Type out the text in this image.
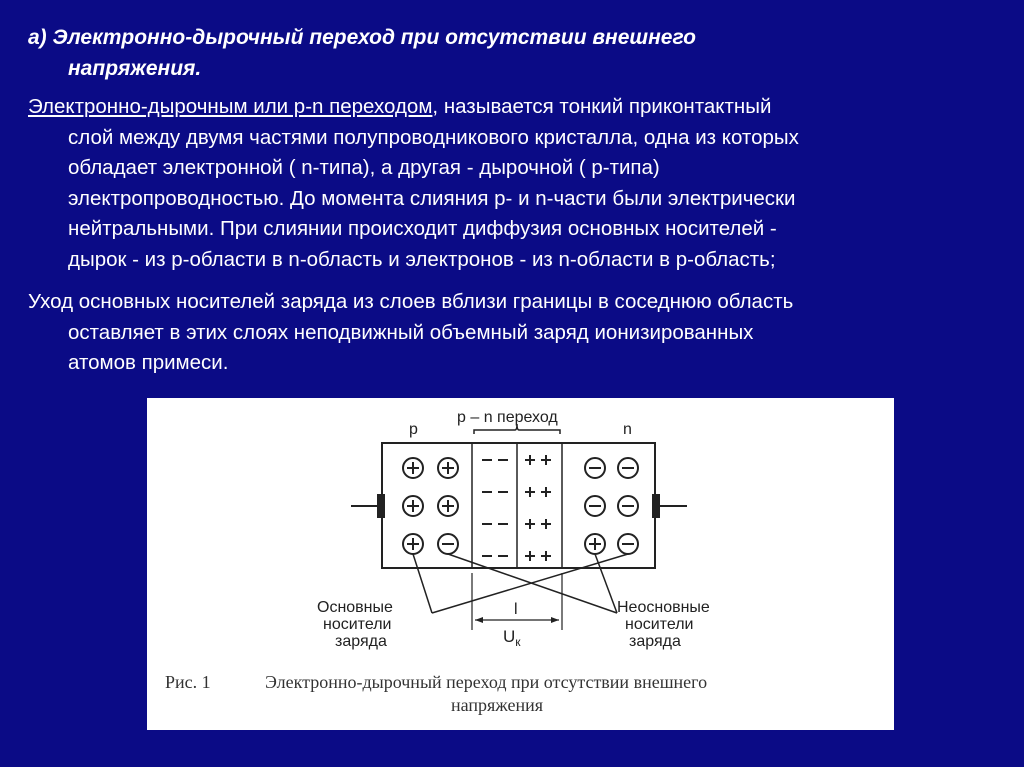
а) Электронно-дырочный переход при отсутствии внешнего
напряжения.
Электронно-дырочным или p-n переходом, называется тонкий приконтактный
слой между двумя частями полупроводникового кристалла, одна из которых
обладает электронной ( n-типа), а другая - дырочной ( p-типа)
электропроводностью. До момента слияния р- и n-части были электрически
нейтральными. При слиянии происходит диффузия основных носителей -
дырок - из р-области в n-область и электронов - из n-области в р-область;
Уход основных носителей заряда из слоев вблизи границы в соседнюю область
оставляет в этих слоях неподвижный объемный заряд ионизированных
атомов примеси.
p
p – n переход
n
l
$U_к$
Основные
носители
заряда
Неосновные
носители
заряда
Рис. 1	Электронно-дырочный переход при отсутствии внешнего
напряжения
